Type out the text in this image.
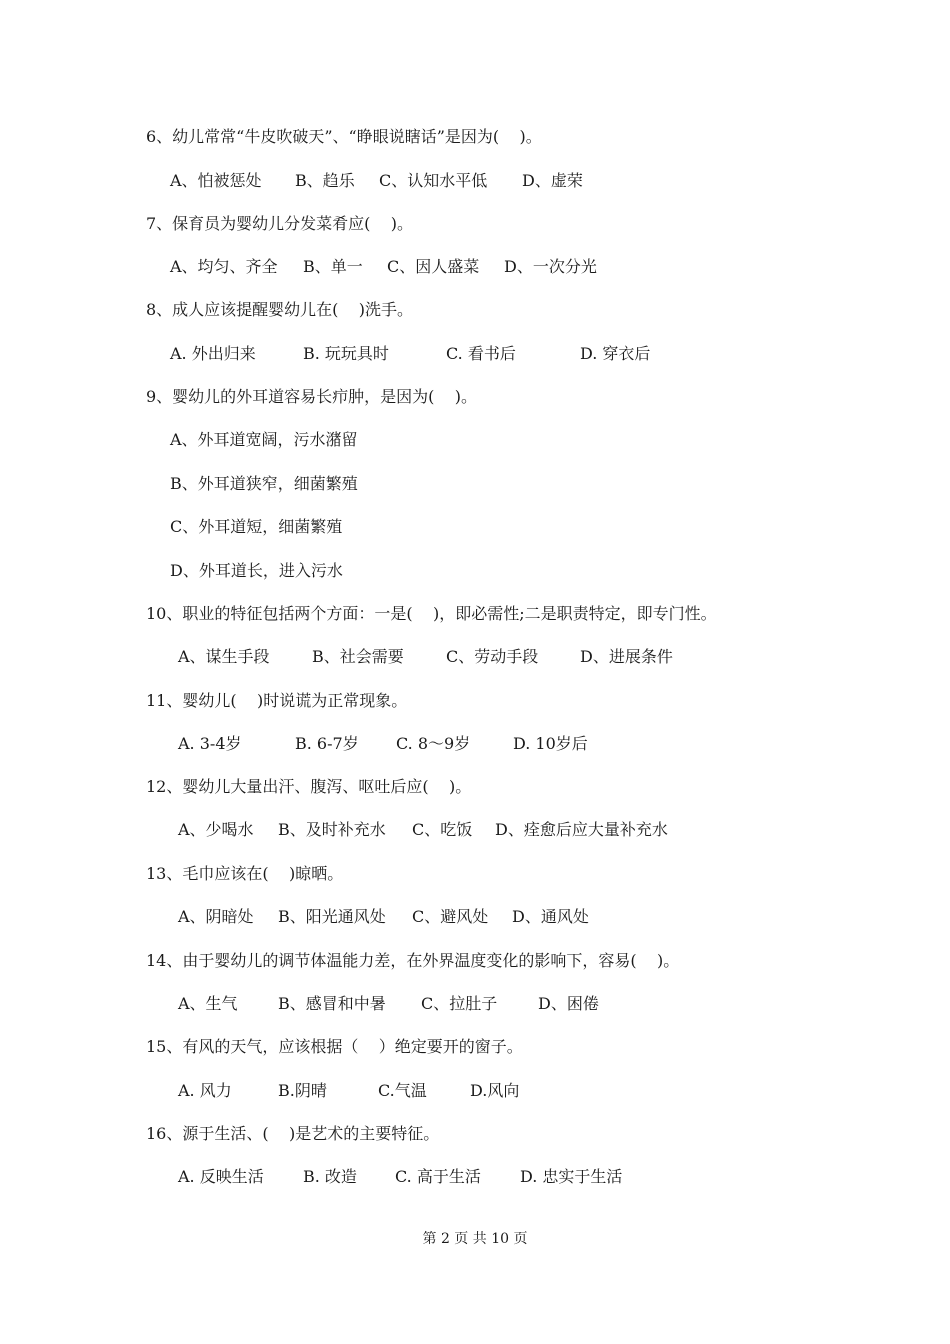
6、幼儿常常“牛皮吹破天”、“睁眼说瞎话”是因为(    )。
A、怕被惩处	B、趋乐	C、认知水平低	D、虚荣
7、保育员为婴幼儿分发菜肴应(    )。
A、均匀、齐全	B、单一	C、因人盛菜	D、一次分光
8、成人应该提醒婴幼儿在(    )洗手。
A. 外出归来	B. 玩玩具时	C. 看书后	D. 穿衣后
9、婴幼儿的外耳道容易长疖肿，是因为(    )。
A、外耳道宽阔，污水潴留
B、外耳道狭窄，细菌繁殖
C、外耳道短，细菌繁殖
D、外耳道长，进入污水
10、职业的特征包括两个方面：一是(    )，即必需性;二是职责特定，即专门性。
A、谋生手段	B、社会需要	C、劳动手段	D、进展条件
11、婴幼儿(    )时说谎为正常现象。
A. 3-4岁	B. 6-7岁	C. 8～9岁	D. 10岁后
12、婴幼儿大量出汗、腹泻、呕吐后应(    )。
A、少喝水	B、及时补充水	C、吃饭	D、痊愈后应大量补充水
13、毛巾应该在(    )晾晒。
A、阴暗处	B、阳光通风处	C、避风处	D、通风处
14、由于婴幼儿的调节体温能力差，在外界温度变化的影响下，容易(    )。
A、生气	B、感冒和中暑	C、拉肚子	D、困倦
15、有风的天气，应该根据（    ）绝定要开的窗子。
A. 风力	B.阴晴	C.气温	D.风向
16、源于生活、(    )是艺术的主要特征。
A. 反映生活	B. 改造	C. 高于生活	D. 忠实于生活
第 2 页 共 10 页
